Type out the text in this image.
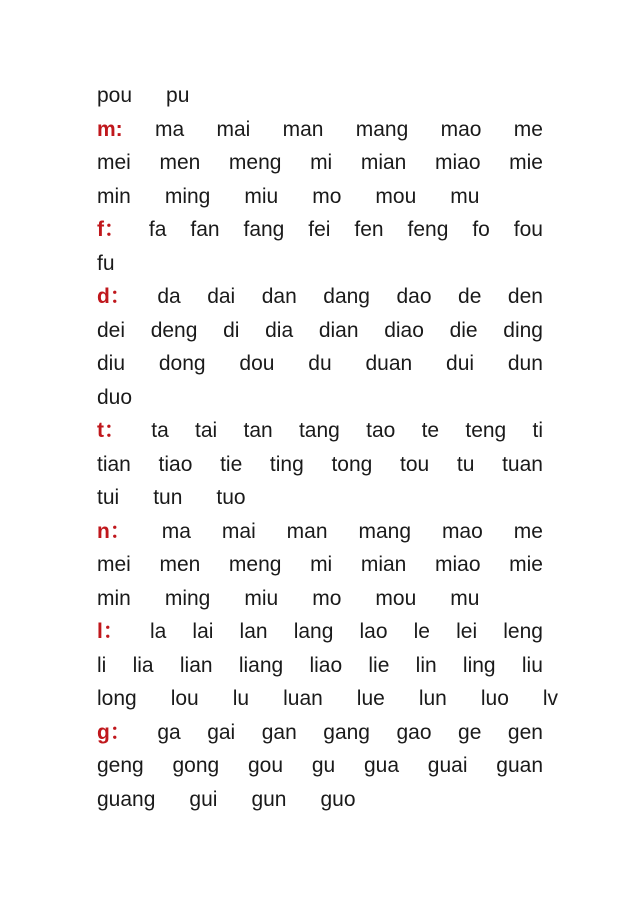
pou pu
m: ma mai man mang mao me
mei men meng mi mian miao mie
min ming miu mo mou mu
f： fa fan fang fei fen feng fo fou
fu
d： da dai dan dang dao de den
dei deng di dia dian diao die ding
diu dong dou du duan dui dun
duo
t： ta tai tan tang tao te teng ti
tian tiao tie ting tong tou tu tuan
tui tun tuo
n： ma mai man mang mao me
mei men meng mi mian miao mie
min ming miu mo mou mu
l： la lai lan lang lao le lei leng
li lia lian liang liao lie lin ling liu
long lou lu luan lue lun luo lv
g： ga gai gan gang gao ge gen
geng gong gou gu gua guai guan
guang gui gun guo
